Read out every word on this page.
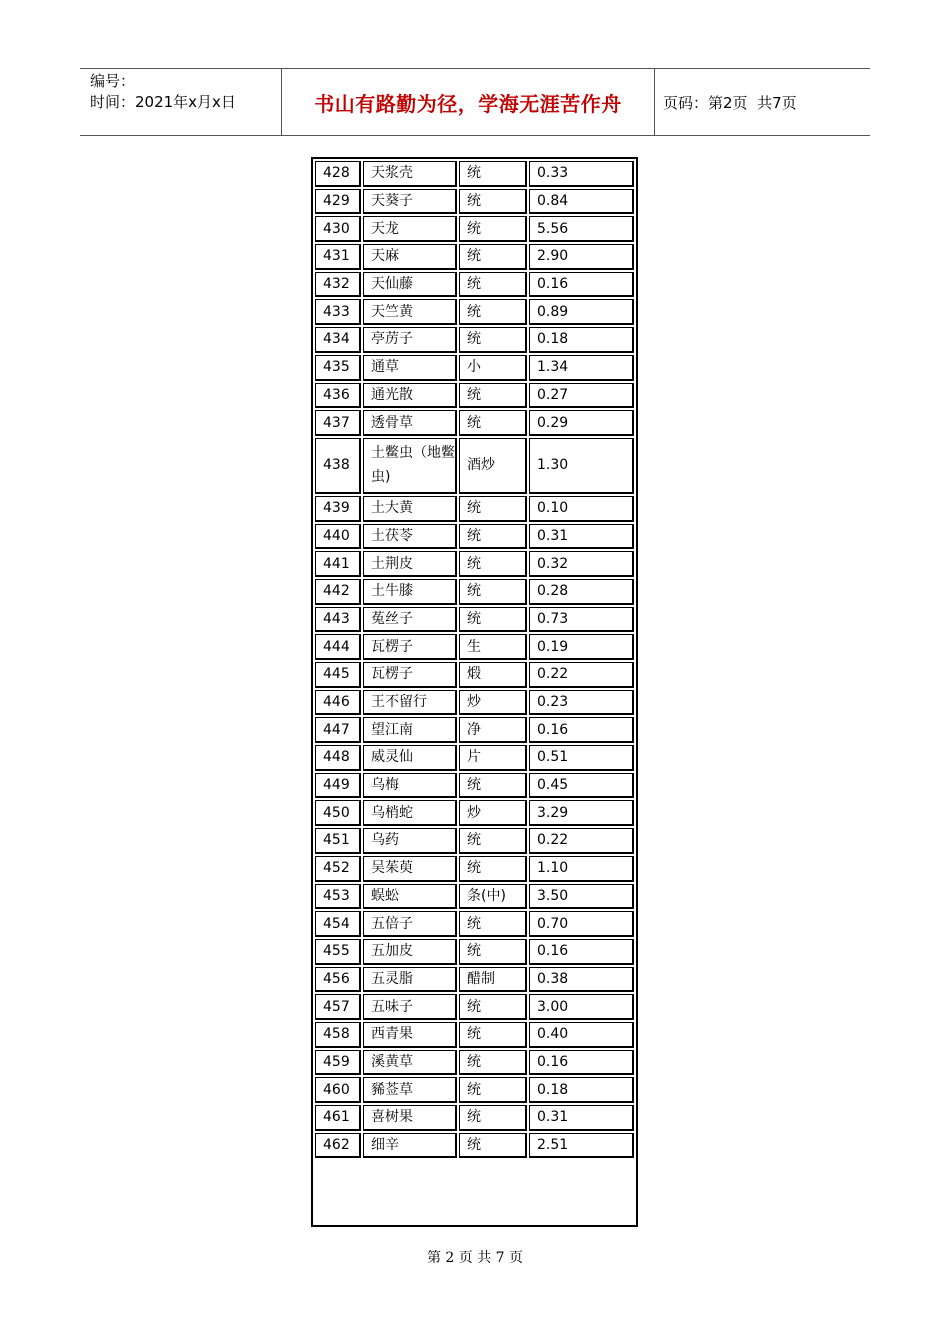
编号：
时间：2021年x月x日	书山有路勤为径，学海无涯苦作舟	页码：第2页  共7页
428	天浆壳	统	0.33
429	天葵子	统	0.84
430	天龙	统	5.56
431	天麻	统	2.90
432	天仙藤	统	0.16
433	天竺黄	统	0.89
434	亭苈子	统	0.18
435	通草	小	1.34
436	通光散	统	0.27
437	透骨草	统	0.29
438	土鳖虫（地鳖虫)	酒炒	1.30
439	土大黄	统	0.10
440	土茯苓	统	0.31
441	土荆皮	统	0.32
442	土牛膝	统	0.28
443	菟丝子	统	0.73
444	瓦楞子	生	0.19
445	瓦楞子	煅	0.22
446	王不留行	炒	0.23
447	望江南	净	0.16
448	威灵仙	片	0.51
449	乌梅	统	0.45
450	乌梢蛇	炒	3.29
451	乌药	统	0.22
452	吴茱萸	统	1.10
453	蜈蚣	条(中)	3.50
454	五倍子	统	0.70
455	五加皮	统	0.16
456	五灵脂	醋制	0.38
457	五味子	统	3.00
458	西青果	统	0.40
459	溪黄草	统	0.16
460	豨莶草	统	0.18
461	喜树果	统	0.31
462	细辛	统	2.51
第 2 页 共 7 页
